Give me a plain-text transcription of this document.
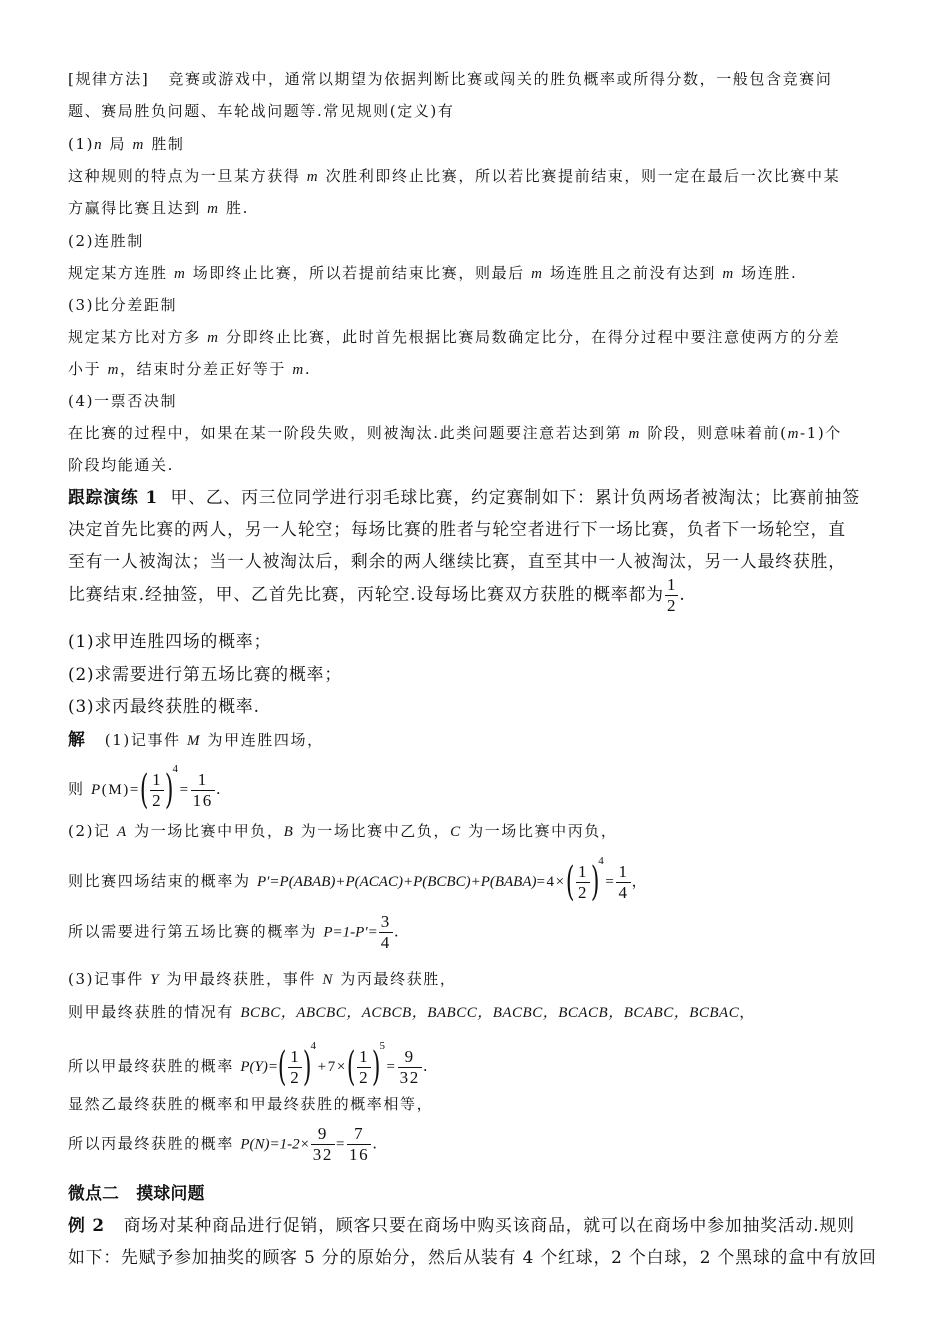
[规律方法] 竞赛或游戏中，通常以期望为依据判断比赛或闯关的胜负概率或所得分数，一般包含竞赛问
题、赛局胜负问题、车轮战问题等.常见规则(定义)有
(1)n 局 m 胜制
这种规则的特点为一旦某方获得 m 次胜利即终止比赛，所以若比赛提前结束，则一定在最后一次比赛中某
方赢得比赛且达到 m 胜.
(2)连胜制
规定某方连胜 m 场即终止比赛，所以若提前结束比赛，则最后 m 场连胜且之前没有达到 m 场连胜.
(3)比分差距制
规定某方比对方多 m 分即终止比赛，此时首先根据比赛局数确定比分，在得分过程中要注意使两方的分差
小于 m，结束时分差正好等于 m.
(4)一票否决制
在比赛的过程中，如果在某一阶段失败，则被淘汰.此类问题要注意若达到第 m 阶段，则意味着前(m-1)个
阶段均能通关.
跟踪演练 1 甲、乙、丙三位同学进行羽毛球比赛，约定赛制如下：累计负两场者被淘汰；比赛前抽签
决定首先比赛的两人，另一人轮空；每场比赛的胜者与轮空者进行下一场比赛，负者下一场轮空，直
至有一人被淘汰；当一人被淘汰后，剩余的两人继续比赛，直至其中一人被淘汰，另一人最终获胜，
比赛结束.经抽签，甲、乙首先比赛，丙轮空.设每场比赛双方获胜的概率都为 $\frac{1}{2}$ .
(1)求甲连胜四场的概率；
(2)求需要进行第五场比赛的概率；
(3)求丙最终获胜的概率.
解 (1)记事件 M 为甲连胜四场，
则 $P(M)=( \frac{1}{2} )^4= \frac{1}{16}$ .
(2)记 A 为一场比赛中甲负，B 为一场比赛中乙负，C 为一场比赛中丙负，
则比赛四场结束的概率为 P′=P(ABAB)+P(ACAC)+P(BCBC)+P(BABA)=4×( $\frac{1}{2} )^4= \frac{1}{4}$ ，
所以需要进行第五场比赛的概率为 $P=1-P'= \frac{3}{4}$ .
(3)记事件 Y 为甲最终获胜，事件 N 为丙最终获胜，
则甲最终获胜的情况有 BCBC，ABCBC，ACBCB，BABCC，BACBC，BCACB，BCABC，BCBAC，
所以甲最终获胜的概率 $P(Y)=( \frac{1}{2} )^4+7\times( \frac{1}{2} )^5= \frac{9}{32}$ .
显然乙最终获胜的概率和甲最终获胜的概率相等，
所以丙最终获胜的概率 $P(N)=1-2\times \frac{9}{32} = \frac{7}{16}$ .
微点二　摸球问题
例 2 商场对某种商品进行促销，顾客只要在商场中购买该商品，就可以在商场中参加抽奖活动.规则
如下：先赋予参加抽奖的顾客 5 分的原始分，然后从装有 4 个红球，2 个白球，2 个黑球的盒中有放回
